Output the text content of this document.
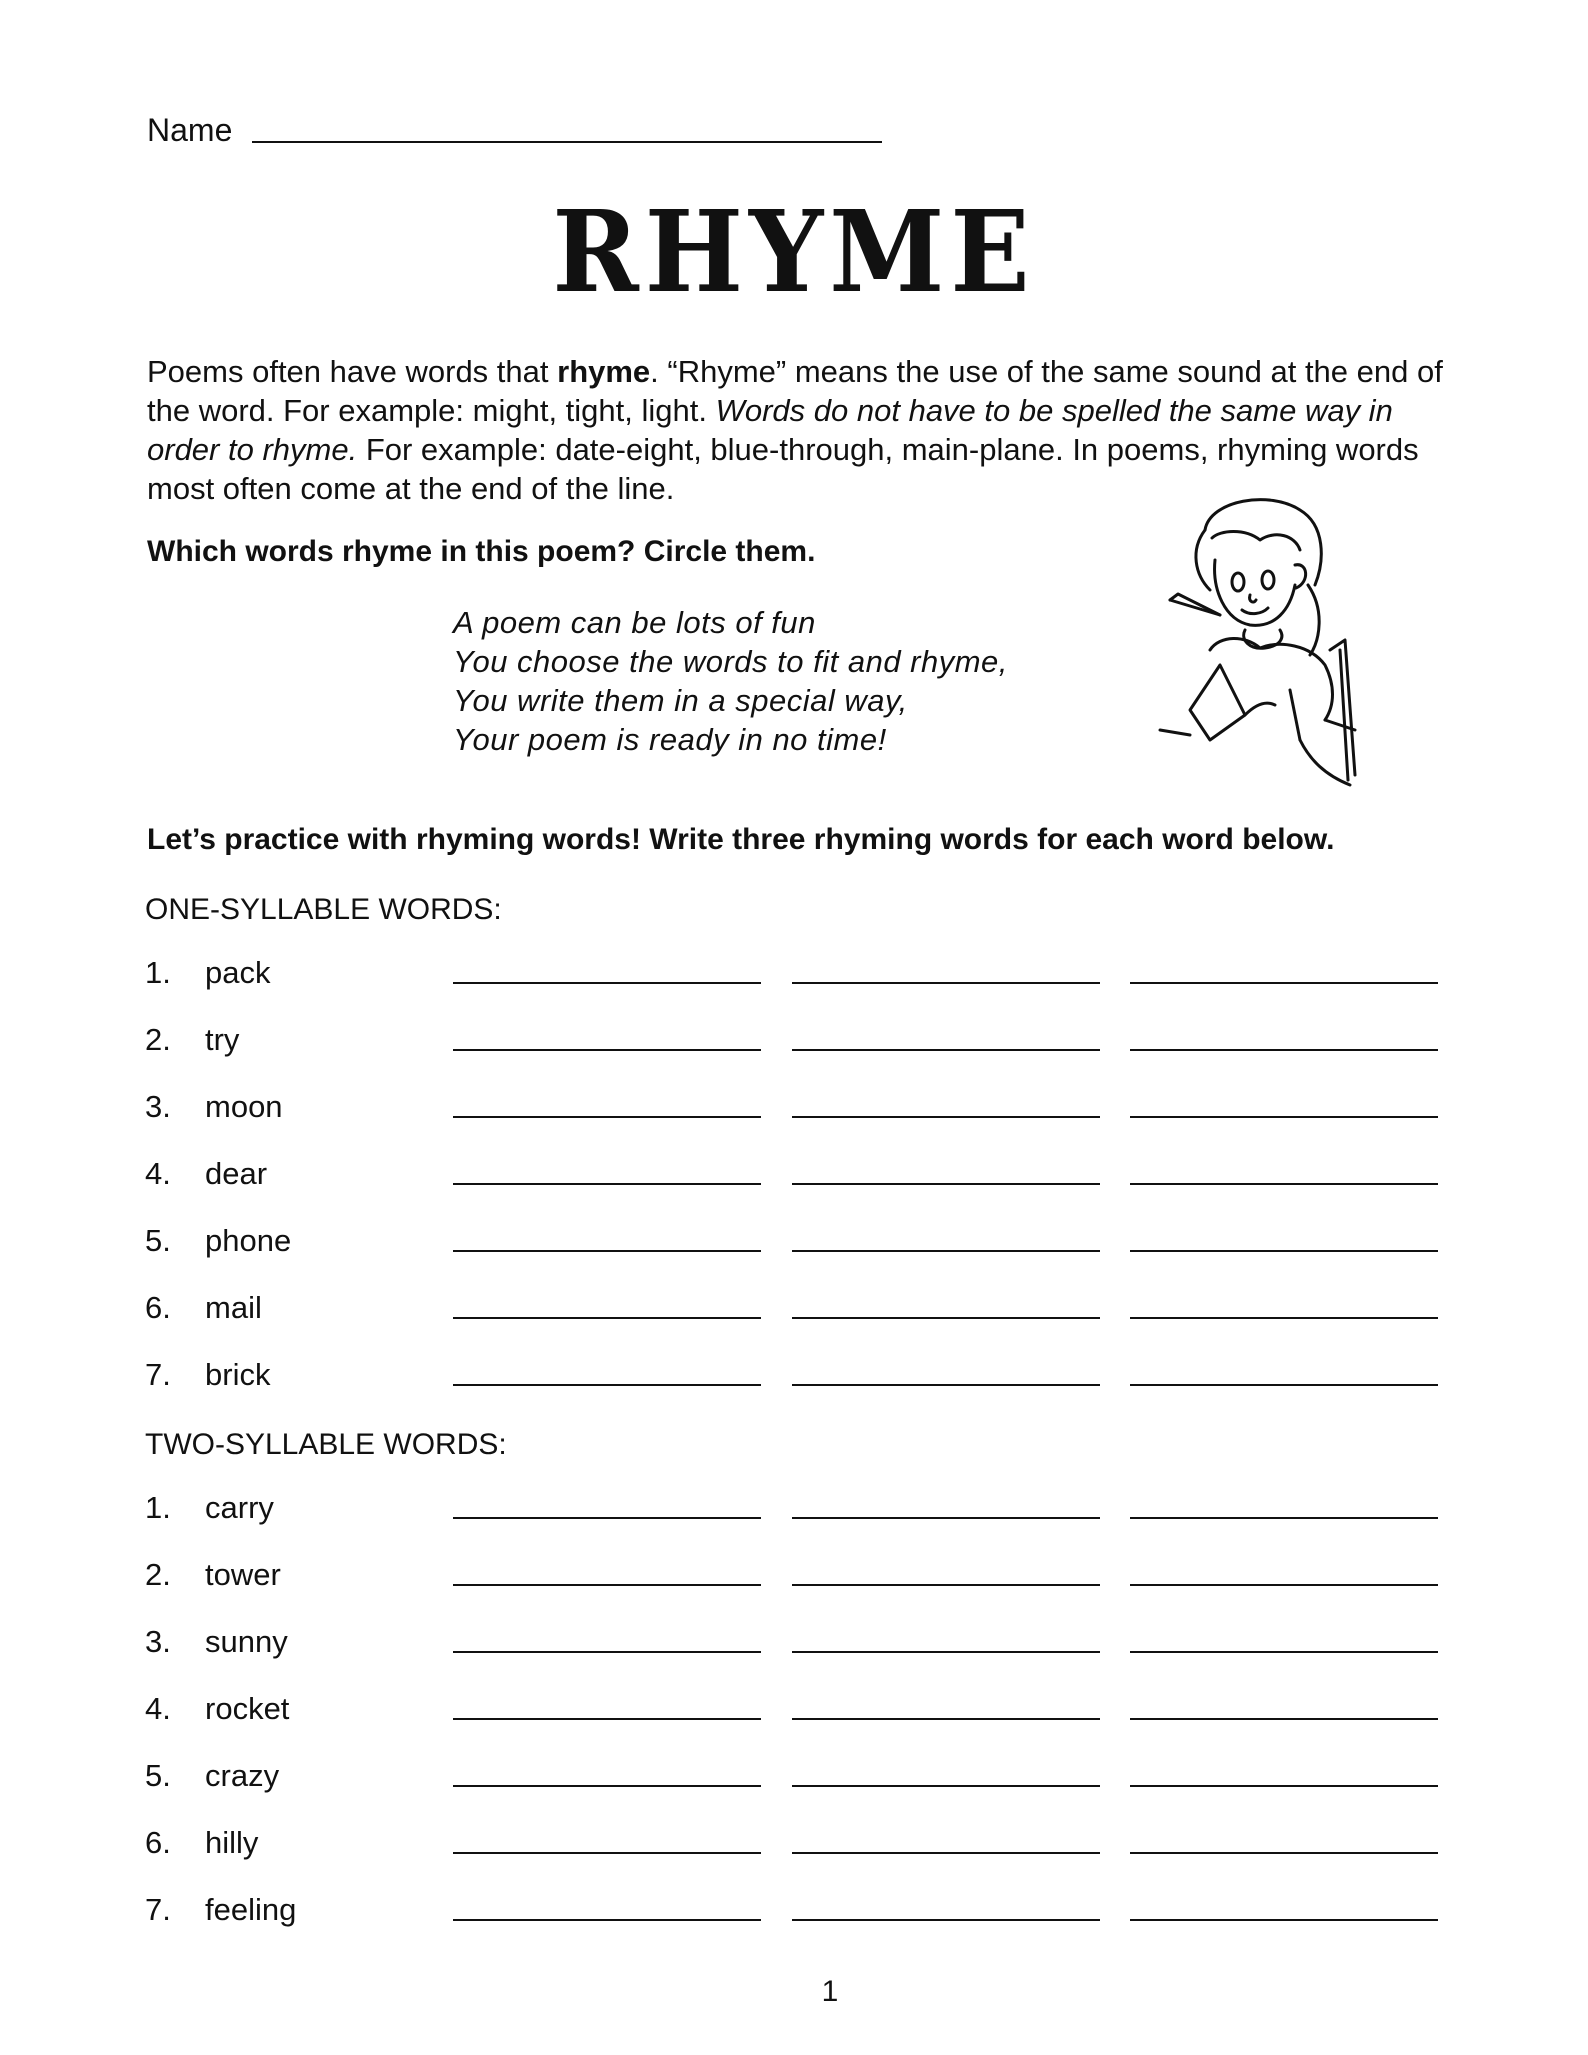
Name
RHYME

Poems often have words that rhyme. “Rhyme” means the use of the same sound at the end of the word. For example: might, tight, light. Words do not have to be spelled the same way in order to rhyme. For example: date-eight, blue-through, main-plane. In poems, rhyming words most often come at the end of the line.

Which words rhyme in this poem? Circle them.
A poem can be lots of fun
You choose the words to fit and rhyme,
You write them in a special way,
Your poem is ready in no time!
Let’s practice with rhyming words! Write three rhyming words for each word below.
ONE-SYLLABLE WORDS:
1. pack
2. try
3. moon
4. dear
5. phone
6. mail
7. brick
TWO-SYLLABLE WORDS:
1. carry
2. tower
3. sunny
4. rocket
5. crazy
6. hilly
7. feeling
1
